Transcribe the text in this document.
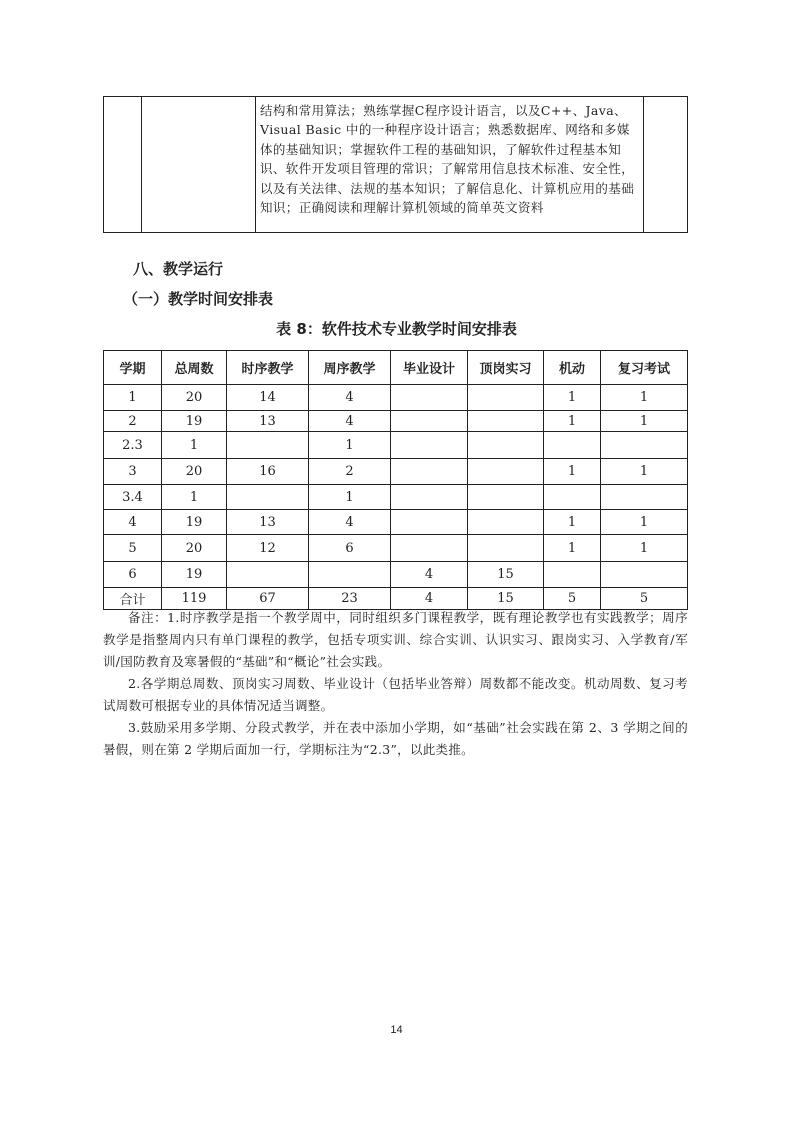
结构和常用算法；熟练掌握C程序设计语言，以及C++、Java、Visual Basic 中的一种程序设计语言；熟悉数据库、网络和多媒体的基础知识；掌握软件工程的基础知识，了解软件过程基本知识、软件开发项目管理的常识；了解常用信息技术标准、安全性，以及有关法律、法规的基本知识；了解信息化、计算机应用的基础知识；正确阅读和理解计算机领域的简单英文资料

八、教学运行
（一）教学时间安排表
表 8：软件技术专业教学时间安排表
学期	总周数	时序教学	周序教学	毕业设计	顶岗实习	机动	复习考试
1	20	14	4			1	1
2	19	13	4			1	1
2.3	1		1				
3	20	16	2			1	1
3.4	1		1				
4	19	13	4			1	1
5	20	12	6			1	1
6	19			4	15		
合计	119	67	23	4	15	5	5

备注：1.时序教学是指一个教学周中，同时组织多门课程教学，既有理论教学也有实践教学；周序教学是指整周内只有单门课程的教学，包括专项实训、综合实训、认识实习、跟岗实习、入学教育/军训/国防教育及寒暑假的“基础”和“概论”社会实践。

2.各学期总周数、顶岗实习周数、毕业设计（包括毕业答辩）周数都不能改变。机动周数、复习考试周数可根据专业的具体情况适当调整。

3.鼓励采用多学期、分段式教学，并在表中添加小学期，如“基础”社会实践在第 2、3 学期之间的暑假，则在第 2 学期后面加一行，学期标注为“2.3”，以此类推。

14
